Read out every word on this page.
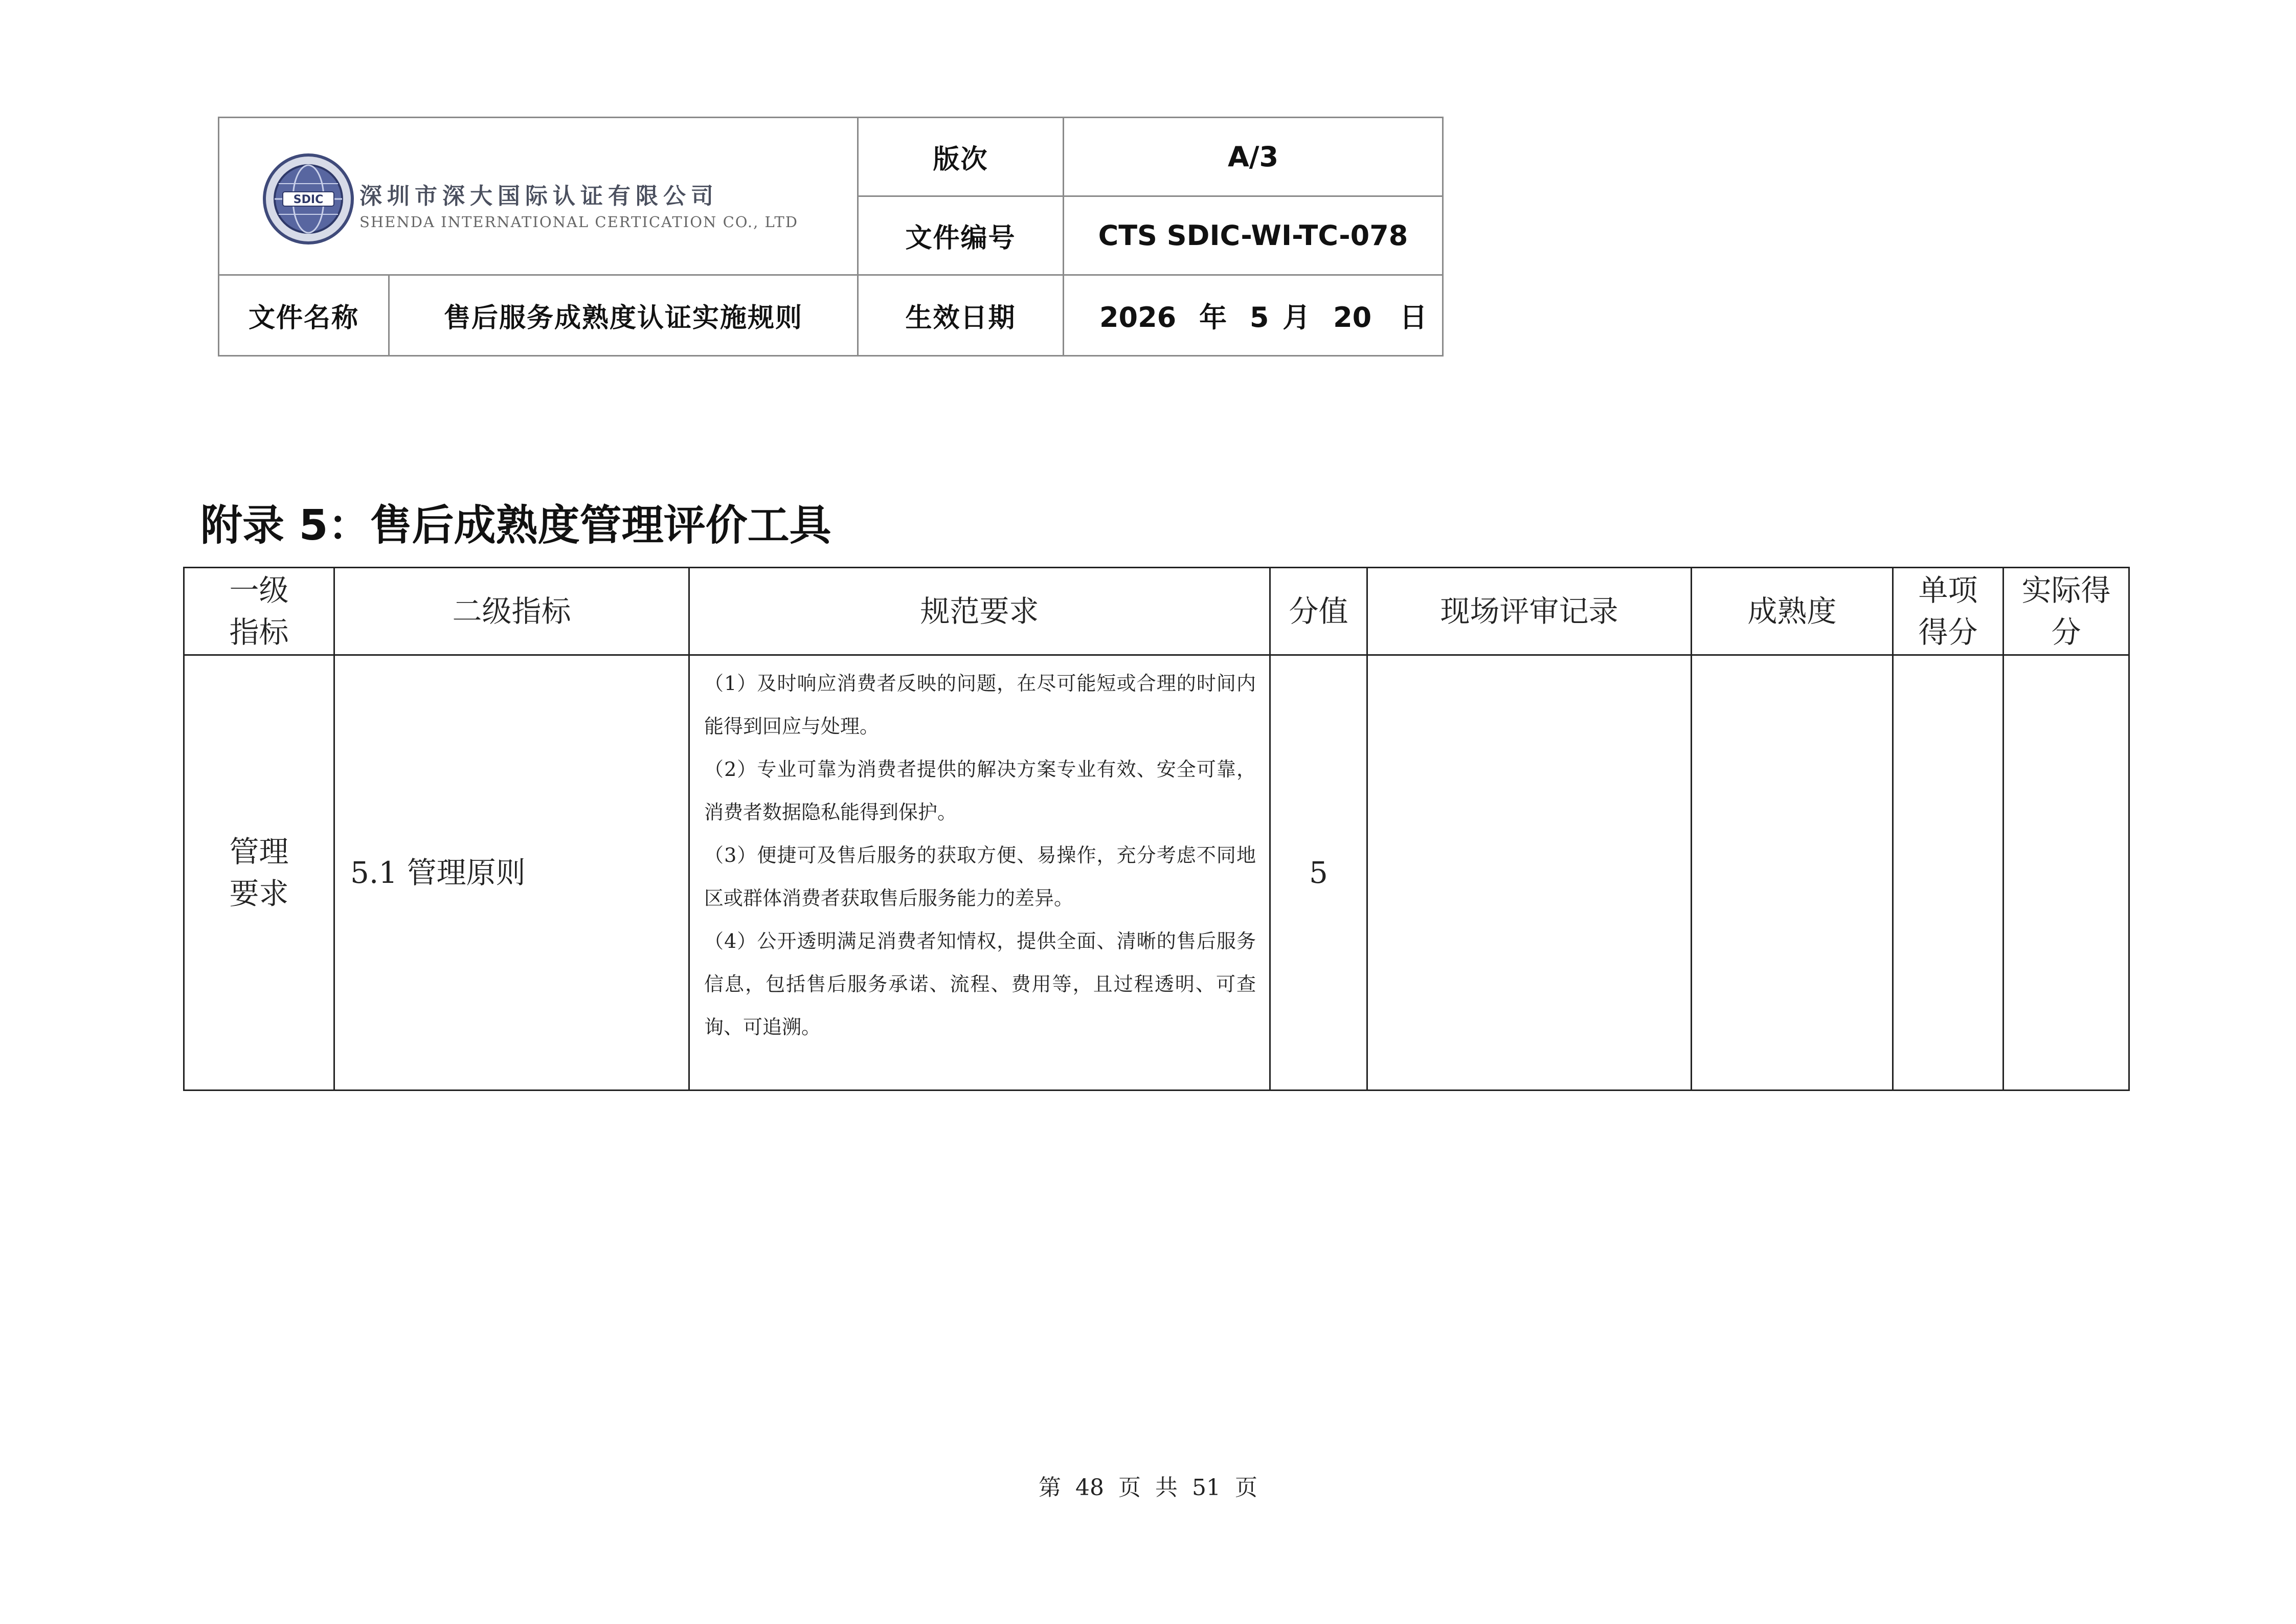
SDIC 深圳市深大国际认证有限公司
SHENDA INTERNATIONAL CERTICATION CO., LTD		版次	A/3
		文件编号	CTS SDIC-WI-TC-078
文件名称	售后服务成熟度认证实施规则	生效日期	2026 年 5 月 20 日
附录 5：售后成熟度管理评价工具
一级指标	二级指标	规范要求	分值	现场评审记录	成熟度	单项得分	实际得分

管理要求	5.1 管理原则	（1）及时响应消费者反映的问题，在尽可能短或合理的时间内能得到回应与处理。

（2）专业可靠为消费者提供的解决方案专业有效、安全可靠，消费者数据隐私能得到保护。

（3）便捷可及售后服务的获取方便、易操作，充分考虑不同地区或群体消费者获取售后服务能力的差异。

（4）公开透明满足消费者知情权，提供全面、清晰的售后服务信息，包括售后服务承诺、流程、费用等，且过程透明、可查询、可追溯。	5				
第 48 页 共 51 页
